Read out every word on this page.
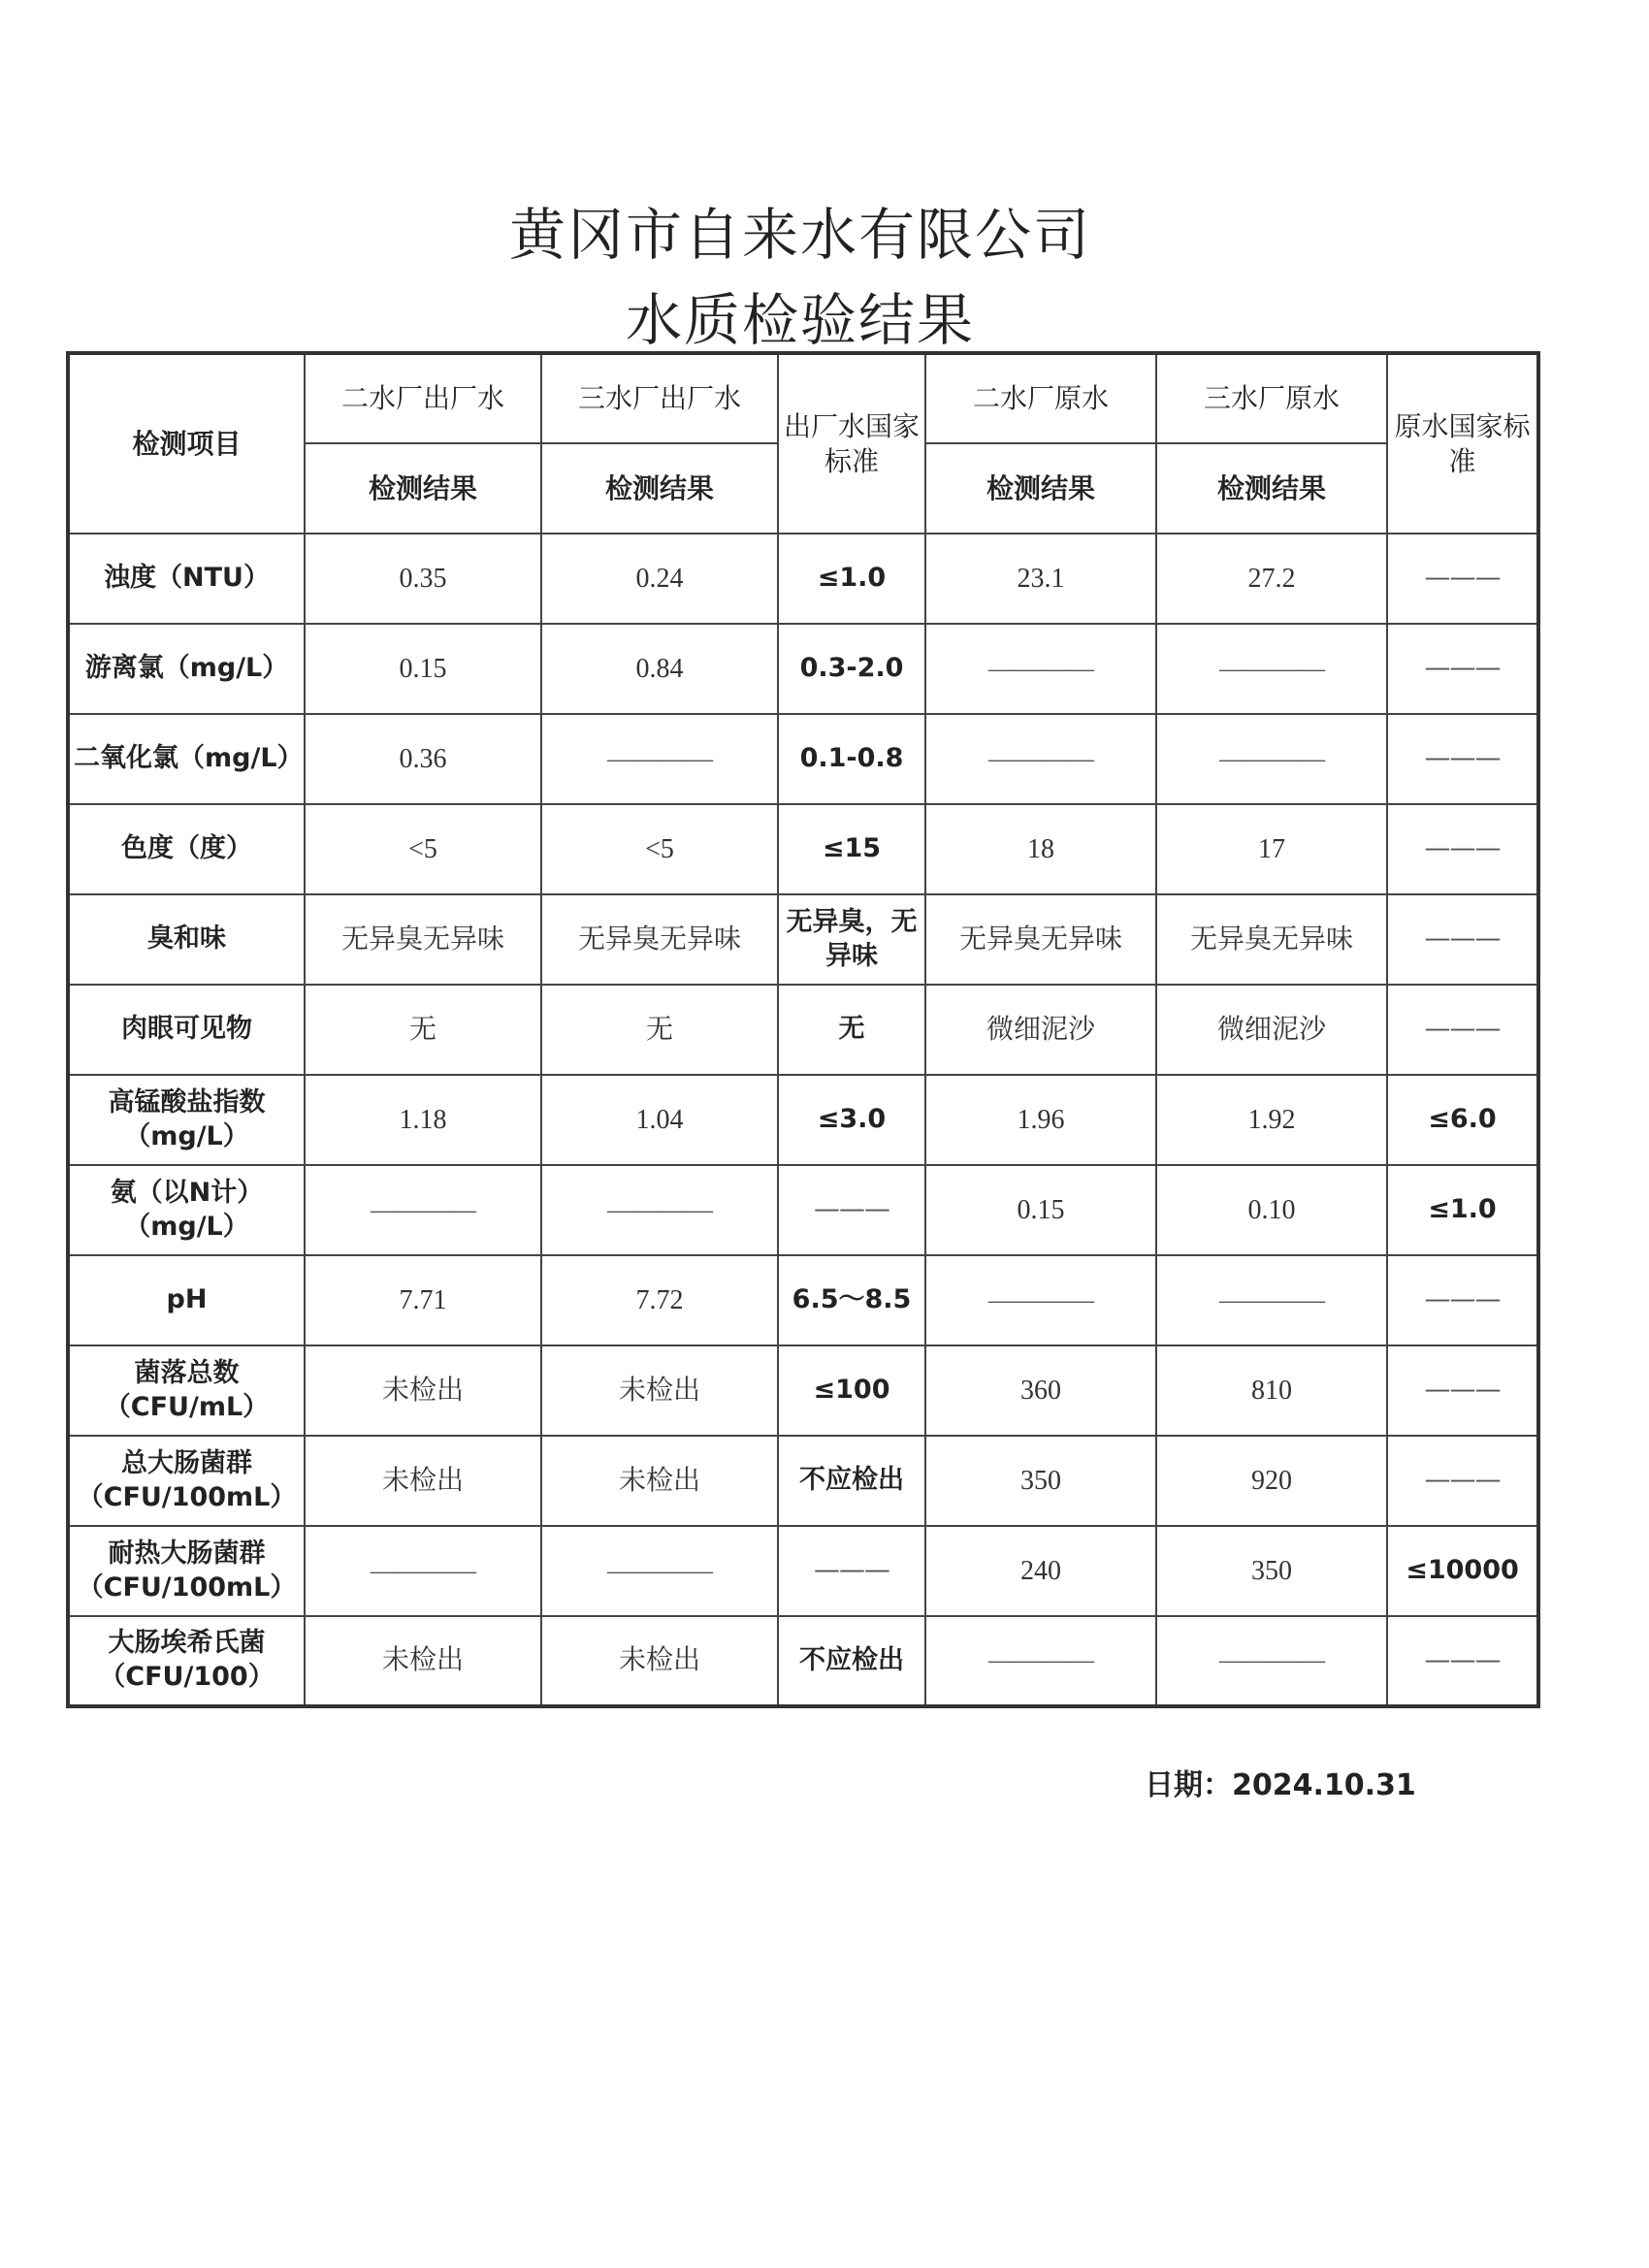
黄冈市自来水有限公司
水质检验结果
检测项目	二水厂出厂水	三水厂出厂水	出厂水国家标准	二水厂原水	三水厂原水	原水国家标准
	检测结果	检测结果		检测结果	检测结果	
浊度（NTU）	0.35	0.24	≤1.0	23.1	27.2	———
游离氯（mg/L）	0.15	0.84	0.3-2.0	————	————	———
二氧化氯（mg/L）	0.36	————	0.1-0.8	————	————	———
色度（度）	<5	<5	≤15	18	17	———
臭和味	无异臭无异味	无异臭无异味	无异臭，无异味	无异臭无异味	无异臭无异味	———
肉眼可见物	无	无	无	微细泥沙	微细泥沙	———
高锰酸盐指数（mg/L）	1.18	1.04	≤3.0	1.96	1.92	≤6.0
氨（以N计）（mg/L）	————	————	———	0.15	0.10	≤1.0
pH	7.71	7.72	6.5～8.5	————	————	———
菌落总数（CFU/mL）	未检出	未检出	≤100	360	810	———
总大肠菌群（CFU/100mL）	未检出	未检出	不应检出	350	920	———
耐热大肠菌群（CFU/100mL）	————	————	———	240	350	≤10000
大肠埃希氏菌（CFU/100）	未检出	未检出	不应检出	————	————	———
日期：2024.10.31
